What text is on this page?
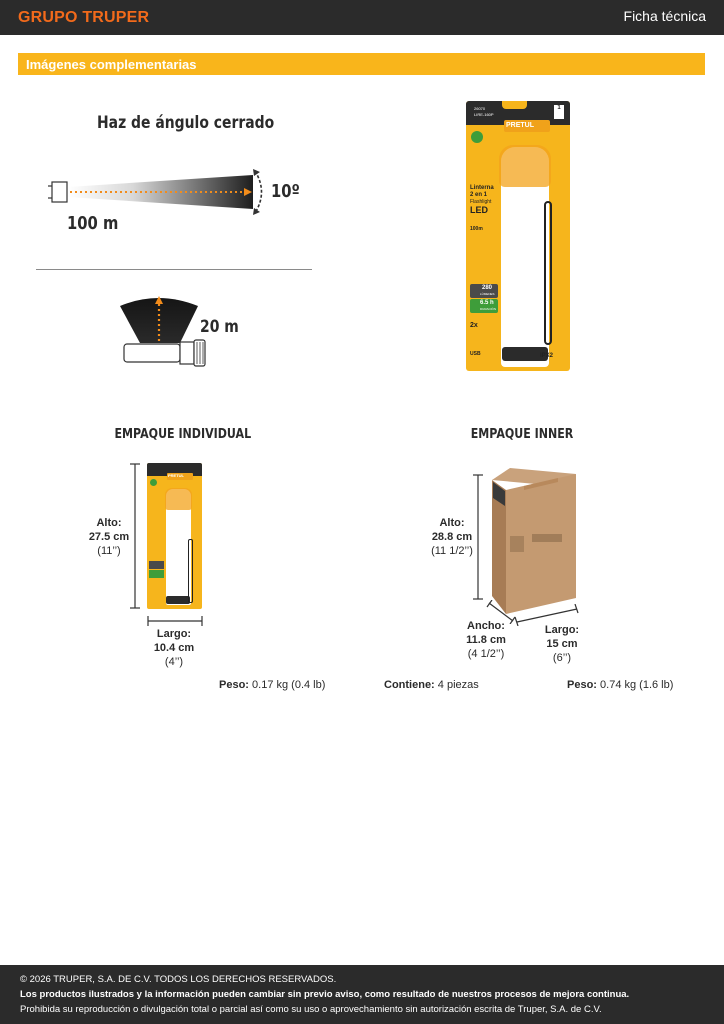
GRUPO TRUPER	Ficha técnica
Imágenes complementarias
Haz de ángulo cerrado
10º
100 m
20 m
26070
LIRE-160P
1
PRETUL
Linterna
2 en 1
Flashlight
LED
100m
280
LÚMENES
6.5 h
DURACIÓN
2x
USB	IPX2
EMPAQUE INDIVIDUAL
Alto:
27.5 cm
(11’’)
PRETUL
Largo:
10.4 cm
(4’’)
Peso: 0.17 kg (0.4 lb)
EMPAQUE INNER
Alto:
28.8 cm
(11 1/2’’)
Ancho:
11.8 cm
(4 1/2’’)
Largo:
15 cm
(6’’)
Contiene: 4 piezas	Peso: 0.74 kg (1.6 lb)
© 2026 TRUPER, S.A. DE C.V. TODOS LOS DERECHOS RESERVADOS.
Los productos ilustrados y la información pueden cambiar sin previo aviso, como resultado de nuestros procesos de mejora continua.
Prohibida su reproducción o divulgación total o parcial así como su uso o aprovechamiento sin autorización escrita de Truper, S.A. de C.V.
